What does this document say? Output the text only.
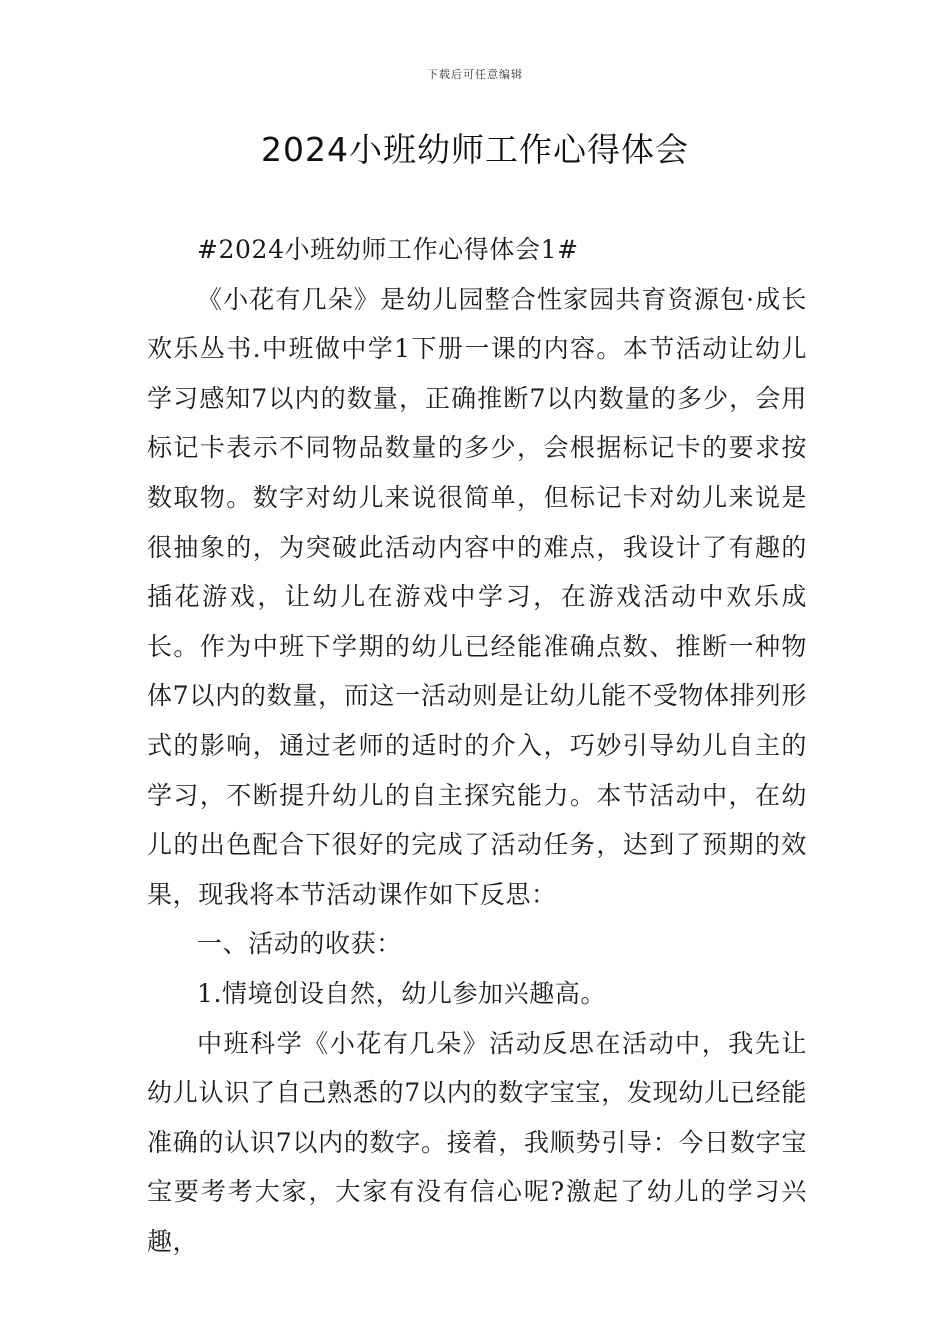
下载后可任意编辑
2024小班幼师工作心得体会

#2024小班幼师工作心得体会1#

《小花有几朵》是幼儿园整合性家园共育资源包·成长欢乐丛书.中班做中学1下册一课的内容。本节活动让幼儿学习感知7以内的数量，正确推断7以内数量的多少，会用标记卡表示不同物品数量的多少，会根据标记卡的要求按数取物。数字对幼儿来说很简单，但标记卡对幼儿来说是很抽象的，为突破此活动内容中的难点，我设计了有趣的插花游戏，让幼儿在游戏中学习，在游戏活动中欢乐成长。作为中班下学期的幼儿已经能准确点数、推断一种物体7以内的数量，而这一活动则是让幼儿能不受物体排列形式的影响，通过老师的适时的介入，巧妙引导幼儿自主的学习，不断提升幼儿的自主探究能力。本节活动中，在幼儿的出色配合下很好的完成了活动任务，达到了预期的效果，现我将本节活动课作如下反思：

一、活动的收获：

1.情境创设自然，幼儿参加兴趣高。

中班科学《小花有几朵》活动反思在活动中，我先让幼儿认识了自己熟悉的7以内的数字宝宝，发现幼儿已经能准确的认识7以内的数字。接着，我顺势引导：今日数字宝宝要考考大家，大家有没有信心呢?激起了幼儿的学习兴趣，
